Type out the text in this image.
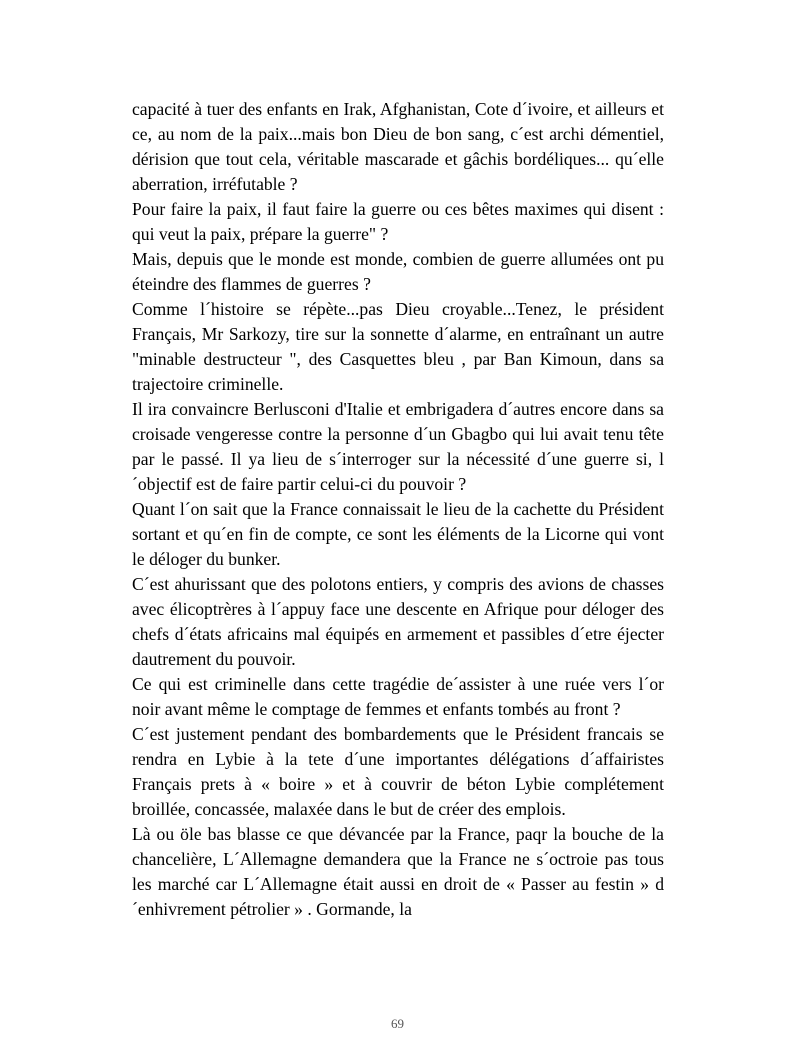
capacité à tuer des enfants en Irak, Afghanistan, Cote d´ivoire, et ailleurs et ce, au nom de la paix...mais bon Dieu de bon sang, c´est archi démentiel, dérision que tout cela, véritable mascarade et gâchis bordéliques... qu´elle aberration, irréfutable ?

Pour faire la paix, il faut faire la guerre ou ces bêtes maximes qui disent : qui veut la paix, prépare la guerre" ?

Mais, depuis que le monde est monde, combien de guerre allumées ont pu éteindre des flammes de guerres ?

Comme l´histoire se répète...pas Dieu croyable...Tenez, le président Français, Mr Sarkozy, tire sur la sonnette d´alarme, en entraînant un autre "minable destructeur ", des Casquettes bleu , par Ban Kimoun, dans sa trajectoire criminelle.

Il ira convaincre Berlusconi d'Italie et embrigadera d´autres encore dans sa croisade vengeresse contre la personne d´un Gbagbo qui lui avait tenu tête par le passé. Il ya lieu de s´interroger sur la nécessité d´une guerre si, l´objectif est de faire partir celui-ci du pouvoir ?

Quant l´on sait que la France connaissait le lieu de la cachette du Président sortant et qu´en fin de compte, ce sont les éléments de la Licorne qui vont le déloger du bunker.

C´est ahurissant que des polotons entiers, y compris des avions de chasses avec élicoptrères à l´appuy face une descente en Afrique pour déloger des chefs d´états africains mal équipés en armement et passibles d´etre éjecter dautrement du pouvoir.

Ce qui est criminelle dans cette tragédie de´assister à une ruée vers l´or noir avant même le comptage de femmes et enfants tombés au front ?

C´est justement pendant des bombardements que le Président francais se rendra en Lybie à la tete d´une importantes délégations d´affairistes Français prets à « boire » et à couvrir de béton Lybie complétement broillée, concassée, malaxée dans le but de créer des emplois.

Là ou öle bas blasse ce que dévancée par la France, paqr la bouche de la chancelière, L´Allemagne demandera que la France ne s´octroie pas tous les marché car L´Allemagne était aussi en droit de « Passer au festin » d´enhivrement pétrolier » . Gormande, la

69
